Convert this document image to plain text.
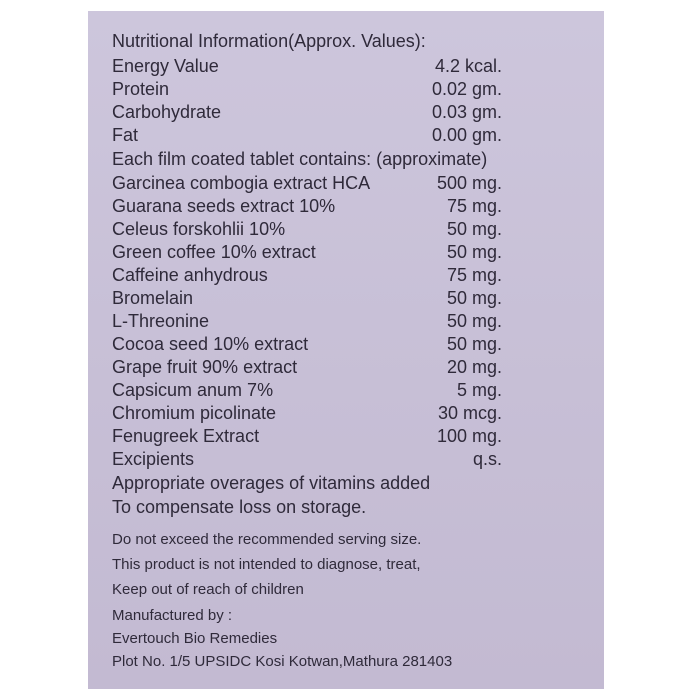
Nutritional Information(Approx. Values):
Energy Value	4.2 kcal.
Protein	0.02 gm.
Carbohydrate	0.03 gm.
Fat	0.00 gm.
Each film coated tablet contains: (approximate)
Garcinea combogia extract HCA	500 mg.
Guarana seeds extract 10%	75 mg.
Celeus forskohlii 10%	50 mg.
Green coffee 10% extract	50 mg.
Caffeine anhydrous	75 mg.
Bromelain	50 mg.
L-Threonine	50 mg.
Cocoa seed 10% extract	50 mg.
Grape fruit 90% extract	20 mg.
Capsicum anum 7%	5 mg.
Chromium picolinate	30 mcg.
Fenugreek Extract	100 mg.
Excipients	q.s.
Appropriate overages of vitamins added
To compensate loss on storage.
Do not exceed the recommended serving size.
This product is not intended to diagnose, treat,
Keep out of reach of children
Manufactured by :
Evertouch Bio Remedies
Plot No. 1/5 UPSIDC Kosi Kotwan,Mathura 281403
